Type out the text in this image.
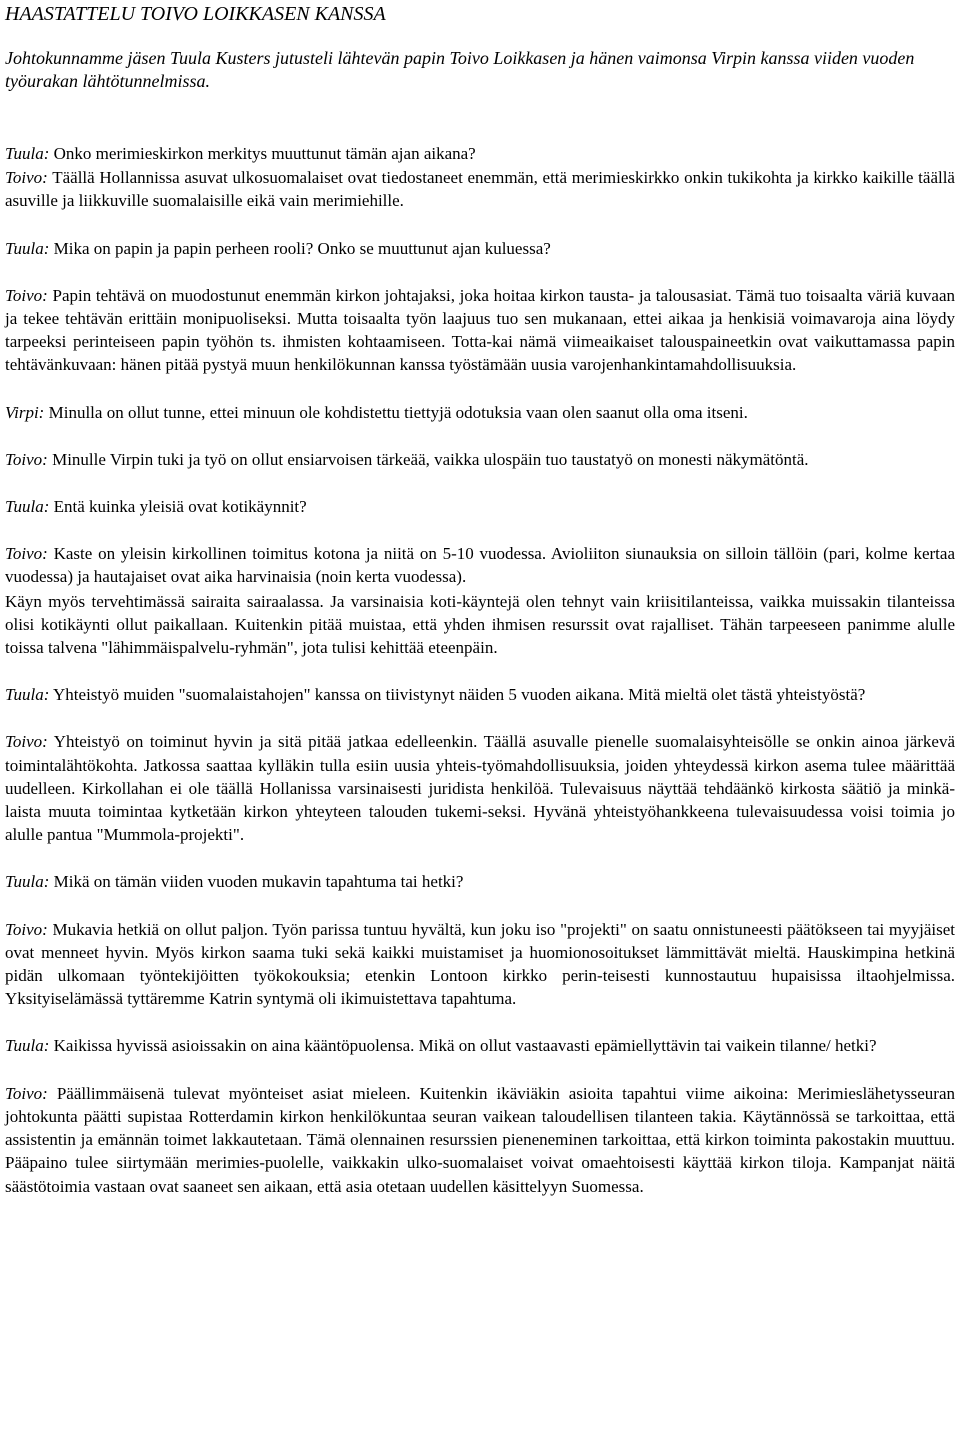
HAASTATTELU TOIVO LOIKKASEN KANSSA

Johtokunnamme jäsen Tuula Kusters jutusteli lähtevän papin Toivo Loikkasen ja hänen vaimonsa Virpin kanssa viiden vuoden työurakan lähtötunnelmissa.

Tuula: Onko merimieskirkon merkitys muuttunut tämän ajan aikana?

Toivo: Täällä Hollannissa asuvat ulkosuomalaiset ovat tiedostaneet enemmän, että merimieskirkko onkin tukikohta ja kirkko kaikille täällä asuville ja liikkuville suomalaisille eikä vain merimiehille.

Tuula: Mika on papin ja papin perheen rooli? Onko se muuttunut ajan kuluessa?

Toivo: Papin tehtävä on muodostunut enemmän kirkon johtajaksi, joka hoitaa kirkon tausta- ja talousasiat. Tämä tuo toisaalta väriä kuvaan ja tekee tehtävän erittäin monipuoliseksi. Mutta toisaalta työn laajuus tuo sen mukanaan, ettei aikaa ja henkisiä voimavaroja aina löydy tarpeeksi perinteiseen papin työhön ts. ihmisten kohtaamiseen. Totta-kai nämä viimeaikaiset talouspaineetkin ovat vaikuttamassa papin tehtävänkuvaan: hänen pitää pystyä muun henkilökunnan kanssa työstämään uusia varojenhankintamahdollisuuksia.

Virpi: Minulla on ollut tunne, ettei minuun ole kohdistettu tiettyjä odotuksia vaan olen saanut olla oma itseni.

Toivo: Minulle Virpin tuki ja työ on ollut ensiarvoisen tärkeää, vaikka ulospäin tuo taustatyö on monesti näkymätöntä.

Tuula: Entä kuinka yleisiä ovat kotikäynnit?

Toivo: Kaste on yleisin kirkollinen toimitus kotona ja niitä on 5-10 vuodessa. Avioliiton siunauksia on silloin tällöin (pari, kolme kertaa vuodessa) ja hautajaiset ovat aika harvinaisia (noin kerta vuodessa).

Käyn myös tervehtimässä sairaita sairaalassa. Ja varsinaisia koti-käyntejä olen tehnyt vain kriisitilanteissa, vaikka muissakin tilanteissa olisi kotikäynti ollut paikallaan. Kuitenkin pitää muistaa, että yhden ihmisen resurssit ovat rajalliset. Tähän tarpeeseen panimme alulle toissa talvena "lähimmäispalvelu-ryhmän", jota tulisi kehittää eteenpäin.

Tuula: Yhteistyö muiden "suomalaistahojen" kanssa on tiivistynyt näiden 5 vuoden aikana. Mitä mieltä olet tästä yhteistyöstä?

Toivo: Yhteistyö on toiminut hyvin ja sitä pitää jatkaa edelleenkin. Täällä asuvalle pienelle suomalaisyhteisölle se onkin ainoa järkevä toimintalähtökohta. Jatkossa saattaa kylläkin tulla esiin uusia yhteis-työmahdollisuuksia, joiden yhteydessä kirkon asema tulee määrittää uudelleen. Kirkollahan ei ole täällä Hollanissa varsinaisesti juridista henkilöä. Tulevaisuus näyttää tehdäänkö kirkosta säätiö ja minkä-laista muuta toimintaa kytketään kirkon yhteyteen talouden tukemi-seksi. Hyvänä yhteistyöhankkeena tulevaisuudessa voisi toimia jo alulle pantua "Mummola-projekti".

Tuula: Mikä on tämän viiden vuoden mukavin tapahtuma tai hetki?

Toivo: Mukavia hetkiä on ollut paljon. Työn parissa tuntuu hyvältä, kun joku iso "projekti" on saatu onnistuneesti päätökseen tai myyjäiset ovat menneet hyvin. Myös kirkon saama tuki sekä kaikki muistamiset ja huomionosoitukset lämmittävät mieltä. Hauskimpina hetkinä pidän ulkomaan työntekijöitten työkokouksia; etenkin Lontoon kirkko perin-teisesti kunnostautuu hupaisissa iltaohjelmissa. Yksityiselämässä tyttäremme Katrin syntymä oli ikimuistettava tapahtuma.

Tuula: Kaikissa hyvissä asioissakin on aina kääntöpuolensa. Mikä on ollut vastaavasti epämiellyttävin tai vaikein tilanne/ hetki?

Toivo: Päällimmäisenä tulevat myönteiset asiat mieleen. Kuitenkin ikäviäkin asioita tapahtui viime aikoina: Merimieslähetysseuran johtokunta päätti supistaa Rotterdamin kirkon henkilökuntaa seuran vaikean taloudellisen tilanteen takia. Käytännössä se tarkoittaa, että assistentin ja emännän toimet lakkautetaan. Tämä olennainen resurssien pieneneminen tarkoittaa, että kirkon toiminta pakostakin muuttuu. Pääpaino tulee siirtymään merimies-puolelle, vaikkakin ulko-suomalaiset voivat omaehtoisesti käyttää kirkon tiloja. Kampanjat näitä säästötoimia vastaan ovat saaneet sen aikaan, että asia otetaan uudellen käsittelyyn Suomessa.
